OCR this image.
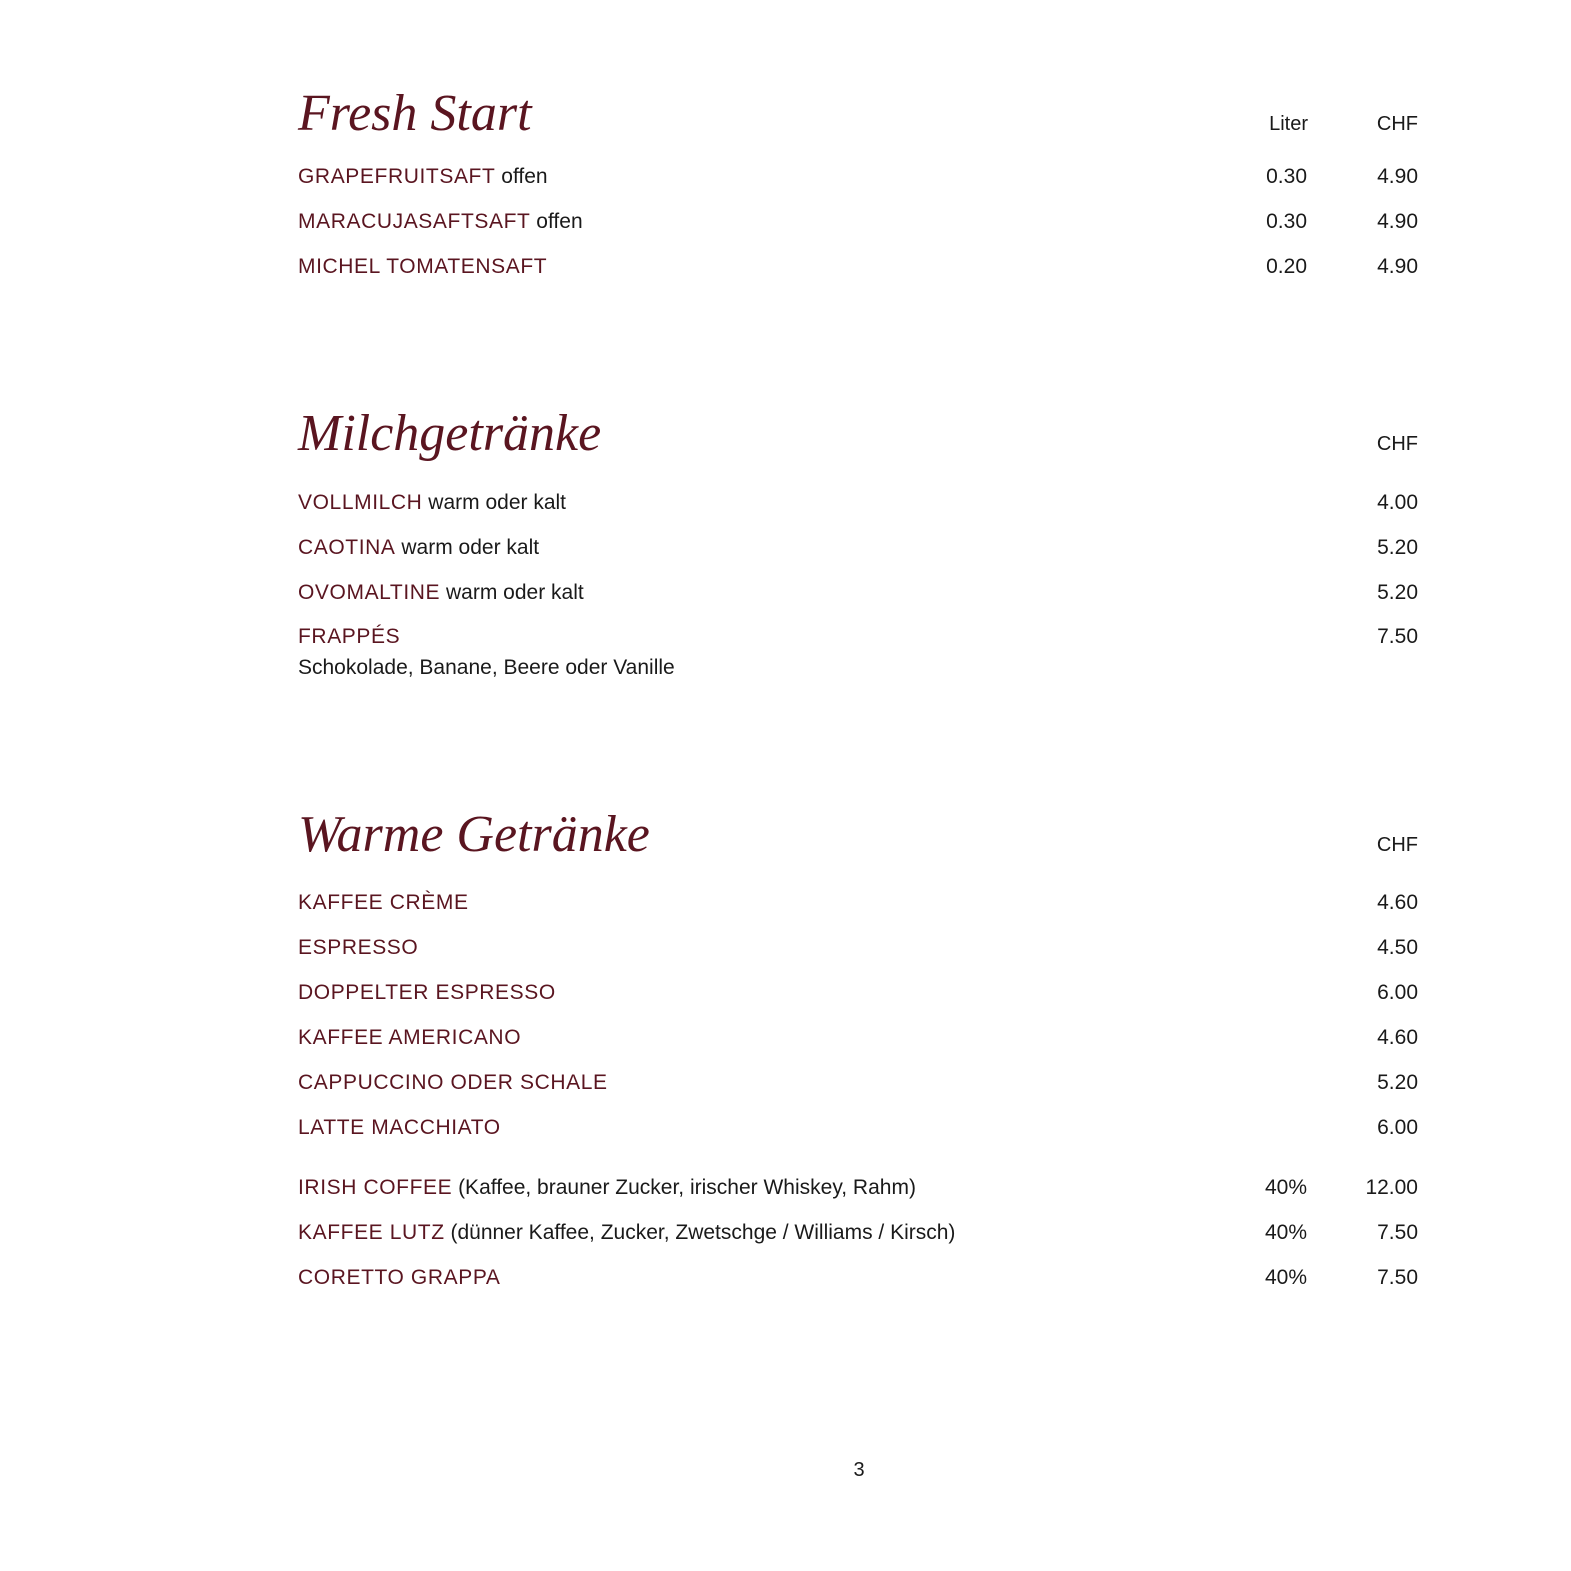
Fresh Start	Liter	CHF
GRAPEFRUITSAFT offen	0.30	4.90
MARACUJASAFTSAFT offen	0.30	4.90
MICHEL TOMATENSAFT	0.20	4.90
Milchgetränke	CHF
VOLLMILCH warm oder kalt	4.00
CAOTINA warm oder kalt	5.20
OVOMALTINE warm oder kalt	5.20
FRAPPÉS	7.50
Schokolade, Banane, Beere oder Vanille
Warme Getränke	CHF
KAFFEE CRÈME	4.60
ESPRESSO	4.50
DOPPELTER ESPRESSO	6.00
KAFFEE AMERICANO	4.60
CAPPUCCINO ODER SCHALE	5.20
LATTE MACCHIATO	6.00
IRISH COFFEE (Kaffee, brauner Zucker, irischer Whiskey, Rahm)	40%	12.00
KAFFEE LUTZ (dünner Kaffee, Zucker, Zwetschge / Williams / Kirsch)	40%	7.50
CORETTO GRAPPA	40%	7.50
3
